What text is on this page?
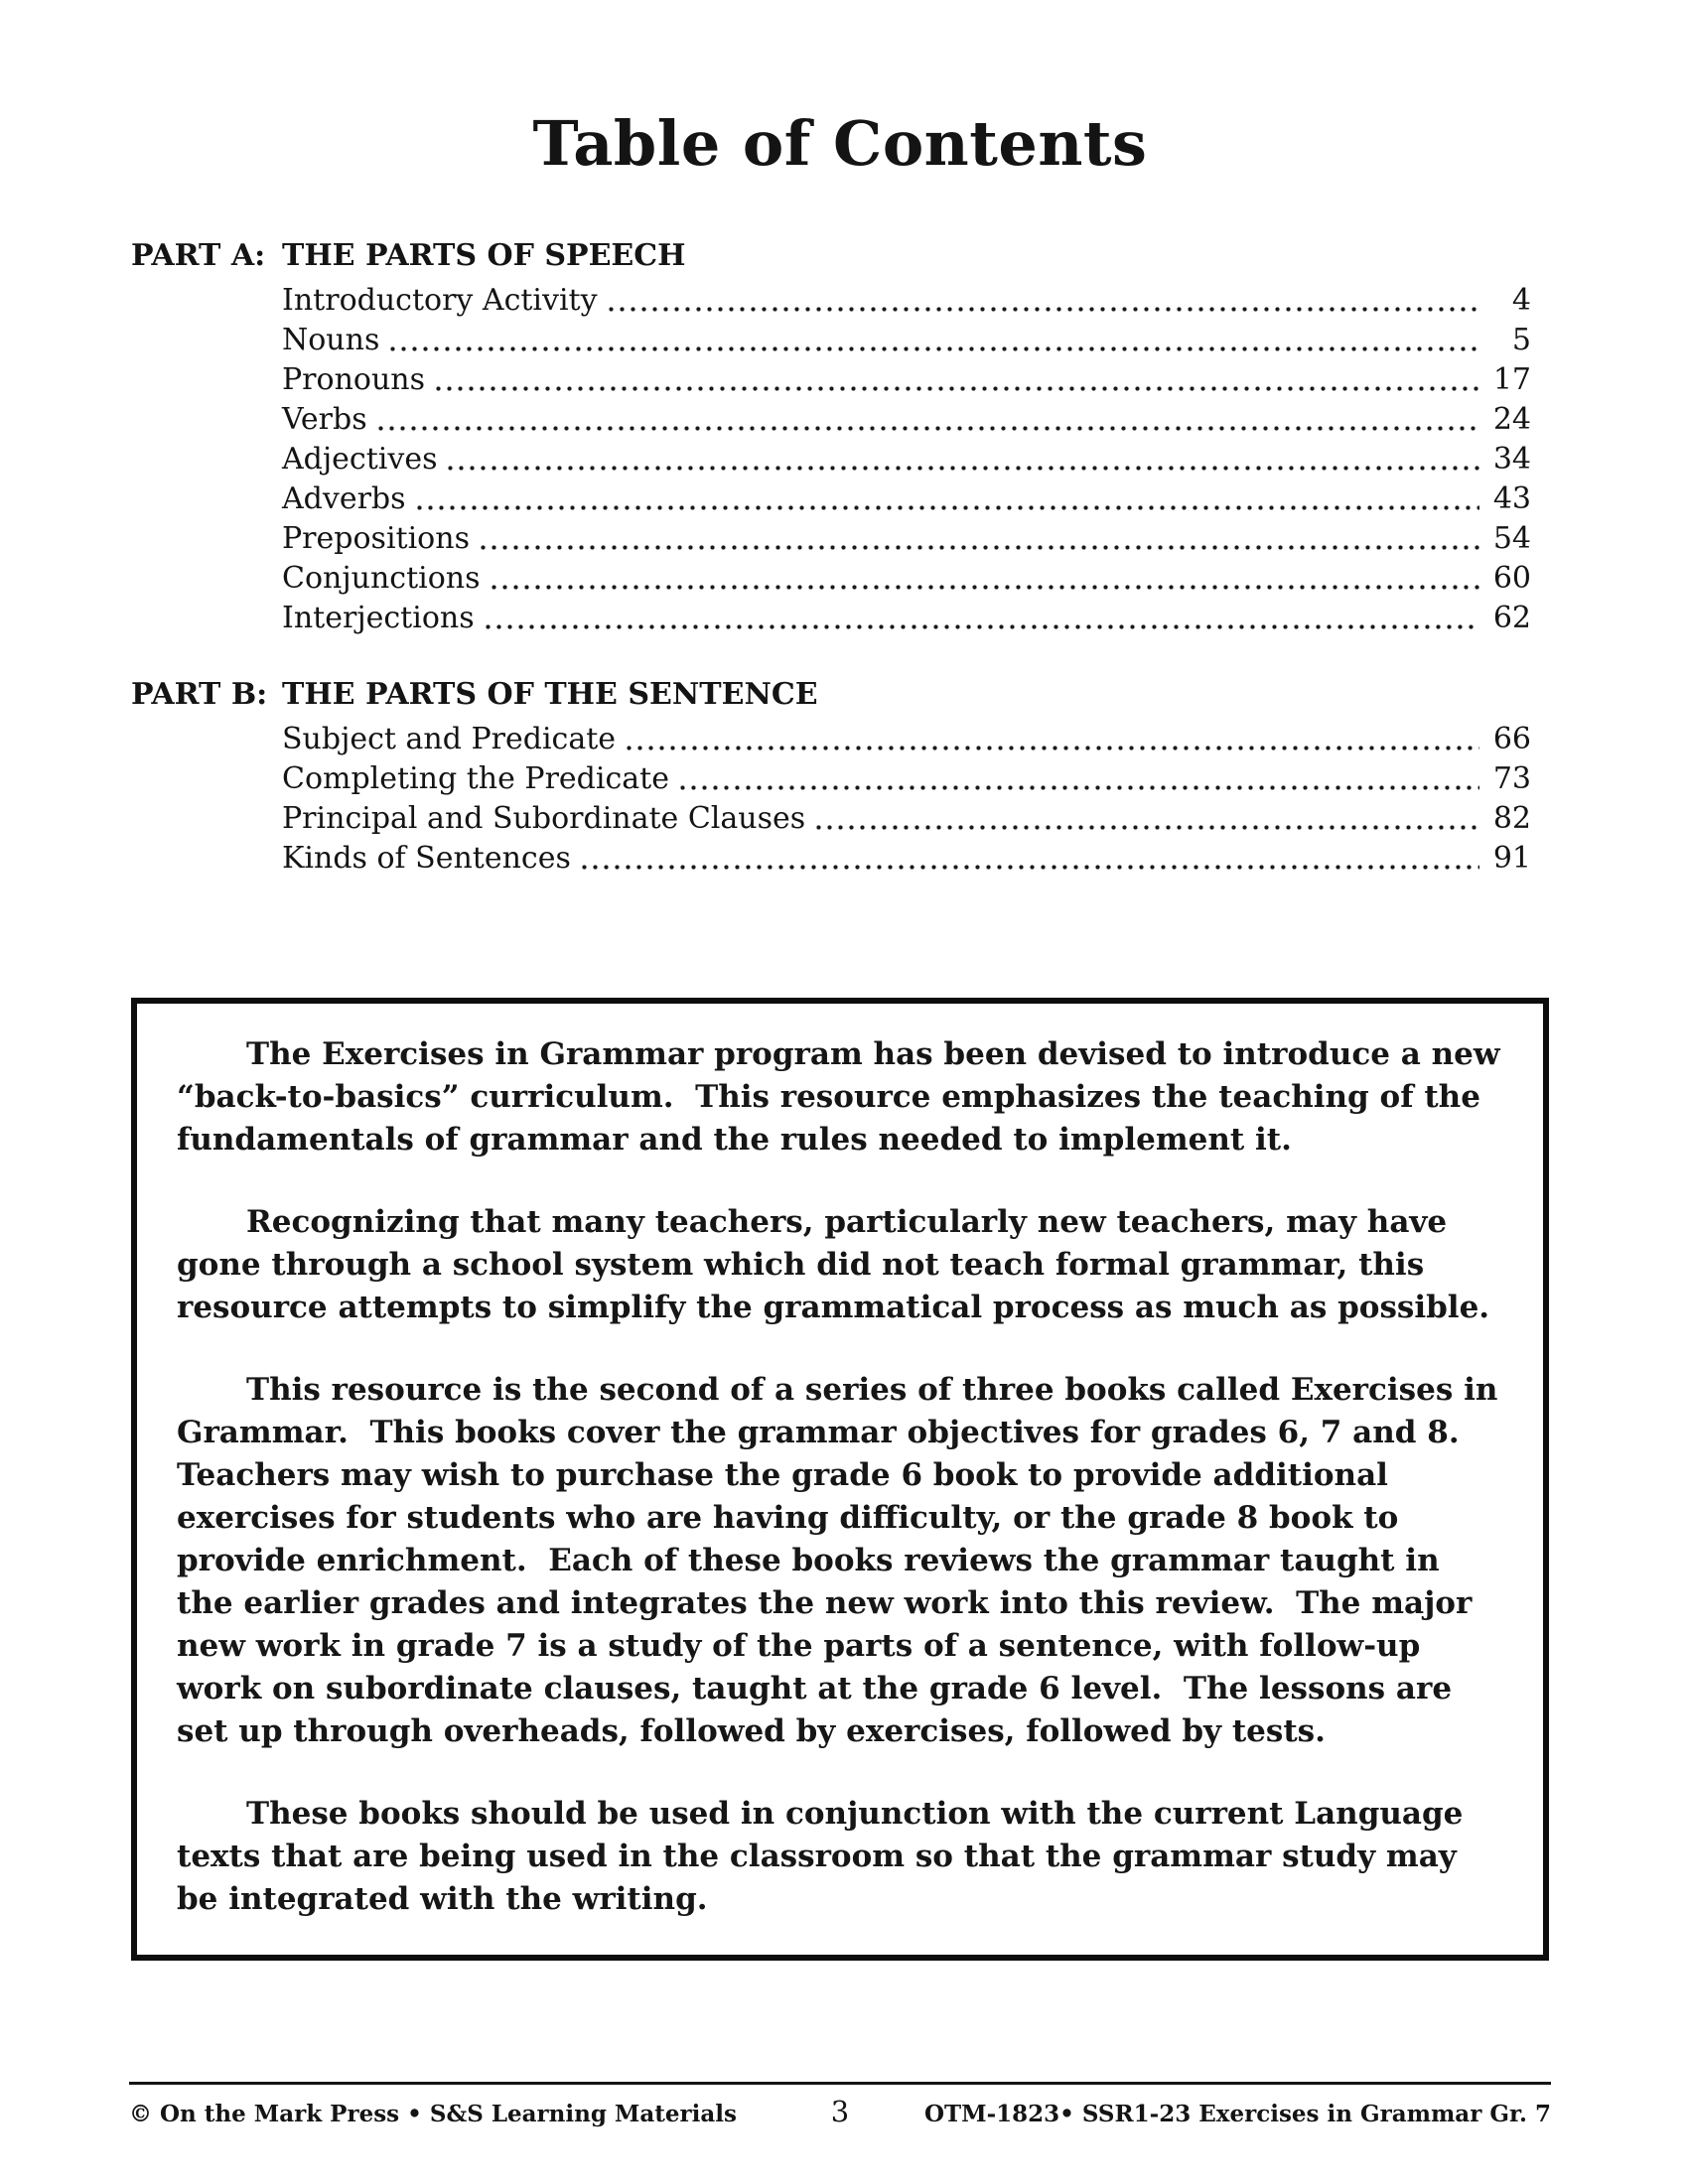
Table of Contents
PART A: THE PARTS OF SPEECH
Introductory Activity	4
Nouns	5
Pronouns	17
Verbs	24
Adjectives	34
Adverbs	43
Prepositions	54
Conjunctions	60
Interjections	62
PART B: THE PARTS OF THE SENTENCE
Subject and Predicate	66
Completing the Predicate	73
Principal and Subordinate Clauses	82
Kinds of Sentences	91

The Exercises in Grammar program has been devised to introduce a new “back-to-basics” curriculum.  This resource emphasizes the teaching of the fundamentals of grammar and the rules needed to implement it.

Recognizing that many teachers, particularly new teachers, may have gone through a school system which did not teach formal grammar, this resource attempts to simplify the grammatical process as much as possible.

This resource is the second of a series of three books called Exercises in Grammar.  This books cover the grammar objectives for grades 6, 7 and 8.  Teachers may wish to purchase the grade 6 book to provide additional exercises for students who are having difficulty, or the grade 8 book to provide enrichment.  Each of these books reviews the grammar taught in the earlier grades and integrates the new work into this review.  The major new work in grade 7 is a study of the parts of a sentence, with follow-up work on subordinate clauses, taught at the grade 6 level.  The lessons are set up through overheads, followed by exercises, followed by tests.

These books should be used in conjunction with the current Language texts that are being used in the classroom so that the grammar study may be integrated with the writing.

© On the Mark Press • S&S Learning Materials	3	OTM-1823• SSR1-23 Exercises in Grammar Gr. 7
